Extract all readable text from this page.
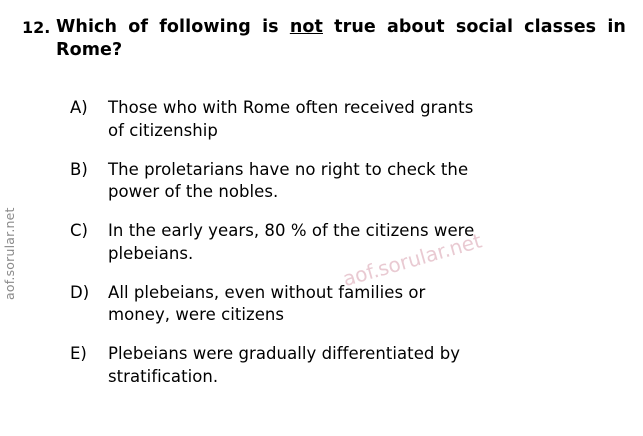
aof.sorular.net	aof.sorular.net
12. Which of following is not true about social classes in Rome?
A)	Those who with Rome often received grants
of citizenship
B)	The proletarians have no right to check the
power of the nobles.
C)	In the early years, 80 % of the citizens were
plebeians.
D)	All plebeians, even without families or
money, were citizens
E)	Plebeians were gradually differentiated by
stratification.
